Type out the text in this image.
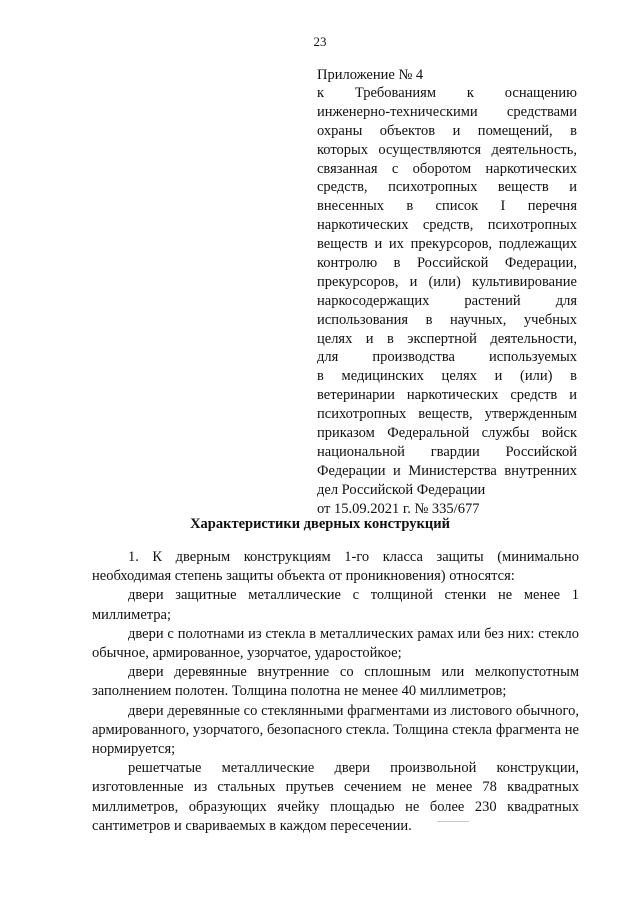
23
Приложение № 4
к Требованиям к оснащению
инженерно-техническими средствами
охраны объектов и помещений, в
которых осуществляются деятельность,
связанная с оборотом наркотических
средств, психотропных веществ и
внесенных в список I перечня
наркотических средств, психотропных
веществ и их прекурсоров, подлежащих
контролю в Российской Федерации,
прекурсоров, и (или) культивирование
наркосодержащих растений для
использования в научных, учебных
целях и в экспертной деятельности,
для производства используемых
в медицинских целях и (или) в
ветеринарии наркотических средств и
психотропных веществ, утвержденным
приказом Федеральной службы войск
национальной гвардии Российской
Федерации и Министерства внутренних
дел Российской Федерации
от 15.09.2021 г. № 335/677
Характеристики дверных конструкций

1. К дверным конструкциям 1-го класса защиты (минимально необходимая степень защиты объекта от проникновения) относятся:

двери защитные металлические с толщиной стенки не менее 1 миллиметра;

двери с полотнами из стекла в металлических рамах или без них: стекло обычное, армированное, узорчатое, ударостойкое;

двери деревянные внутренние со сплошным или мелкопустотным заполнением полотен. Толщина полотна не менее 40 миллиметров;

двери деревянные со стеклянными фрагментами из листового обычного, армированного, узорчатого, безопасного стекла. Толщина стекла фрагмента не нормируется;

решетчатые металлические двери произвольной конструкции, изготовленные из стальных прутьев сечением не менее 78 квадратных миллиметров, образующих ячейку площадью не более 230 квадратных сантиметров и свариваемых в каждом пересечении.
